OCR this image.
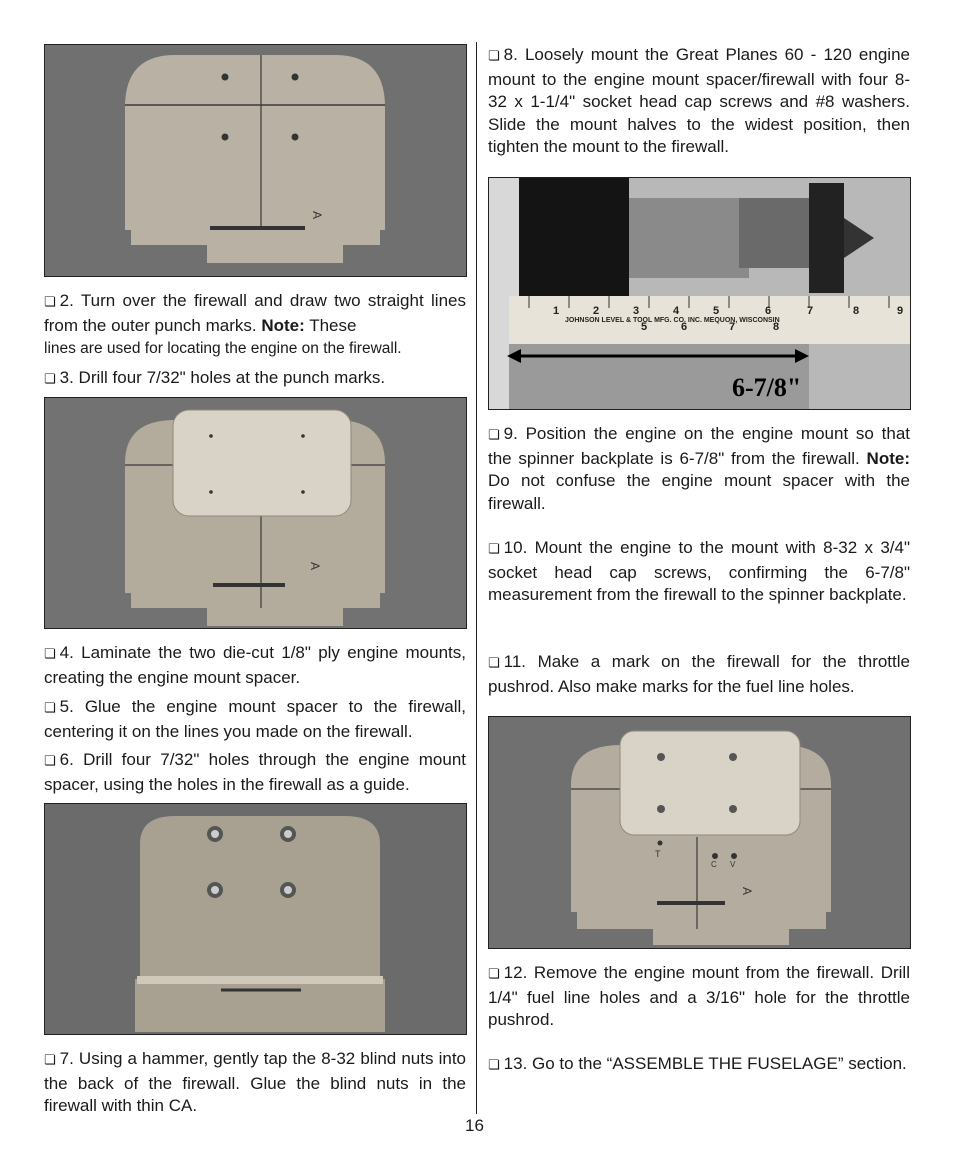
A

❏ 2. Turn over the firewall and draw two straight lines from the outer punch marks. Note: These
lines are used for locating the engine on the firewall.

❏ 3. Drill four 7/32" holes at the punch marks.

A

❏ 4. Laminate the two die-cut 1/8" ply engine mounts, creating the engine mount spacer.

❏ 5. Glue the engine mount spacer to the firewall, centering it on the lines you made on the firewall.

❏ 6. Drill four 7/32" holes through the engine mount spacer, using the holes in the firewall as a guide.

❏ 7. Using a hammer, gently tap the 8-32 blind nuts into the back of the firewall. Glue the blind nuts in the firewall with thin CA.

❏ 8. Loosely mount the Great Planes 60 - 120 engine mount to the engine mount spacer/firewall with four 8-32 x 1-1/4" socket head cap screws and #8 washers. Slide the mount halves to the widest position, then tighten the mount to the firewall.

1	2	3	4	5	6	7	8	9
JOHNSON LEVEL & TOOL MFG. CO. INC. MEQUON, WISCONSIN
5	6	7	8
6-7/8"

❏ 9. Position the engine on the engine mount so that the spinner backplate is 6-7/8" from the firewall. Note: Do not confuse the engine mount spacer with the firewall.

❏ 10. Mount the engine to the mount with 8-32 x 3/4" socket head cap screws, confirming the 6-7/8" measurement from the firewall to the spinner backplate.

❏ 11. Make a mark on the firewall for the throttle pushrod. Also make marks for the fuel line holes.

T
C V
A

❏ 12. Remove the engine mount from the firewall. Drill 1/4" fuel line holes and a 3/16" hole for the throttle pushrod.

❏ 13. Go to the “ASSEMBLE THE FUSELAGE” section.

16
